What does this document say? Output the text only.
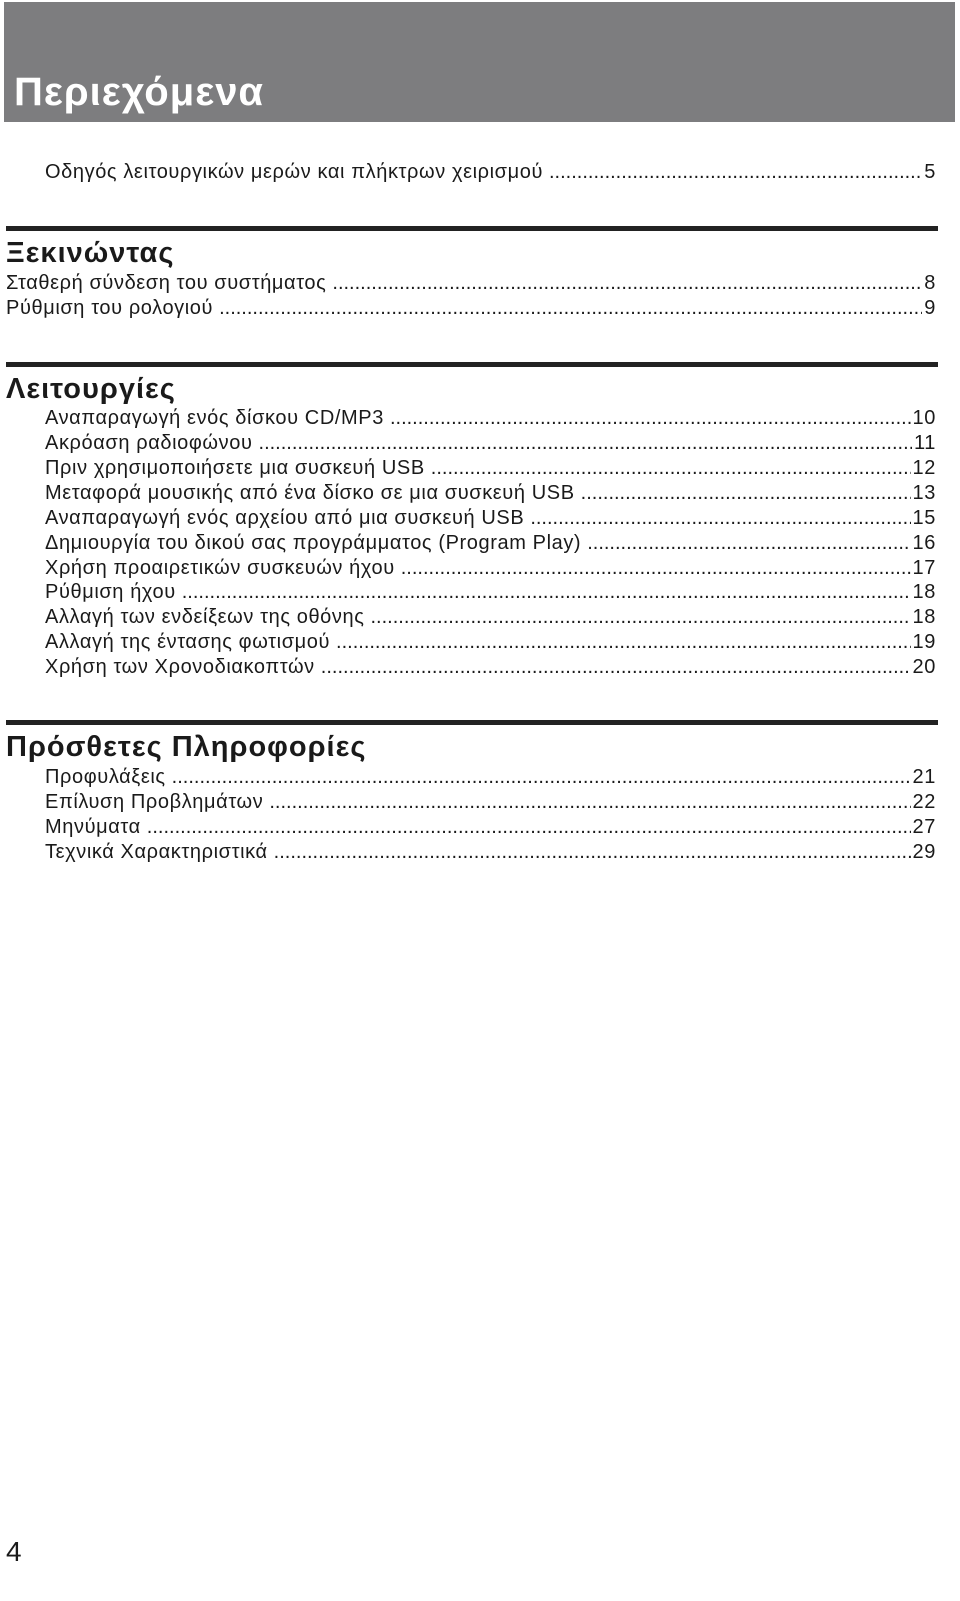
Περιεχόμενα
Οδηγός λειτουργικών μερών και πλήκτρων χειρισμού .....	5
Ξεκινώντας
Σταθερή σύνδεση του συστήματος .....	8
Ρύθμιση του ρολογιού .....	9
Λειτουργίες
Αναπαραγωγή ενός δίσκου CD/MP3 .....	10
Ακρόαση ραδιοφώνου .....	11
Πριν χρησιμοποιήσετε μια συσκευή USB .....	12
Μεταφορά μουσικής από ένα δίσκο σε μια συσκευή USB .....	13
Αναπαραγωγή ενός αρχείου από μια συσκευή USB .....	15
Δημιουργία του δικού σας προγράμματος (Program Play) .....	16
Χρήση προαιρετικών συσκευών ήχου .....	17
Ρύθμιση ήχου .....	18
Αλλαγή των ενδείξεων της οθόνης .....	18
Αλλαγή της έντασης φωτισμού .....	19
Χρήση των Χρονοδιακοπτών .....	20
Πρόσθετες Πληροφορίες
Προφυλάξεις .....	21
Επίλυση Προβλημάτων .....	22
Μηνύματα .....	27
Τεχνικά Χαρακτηριστικά .....	29
4
